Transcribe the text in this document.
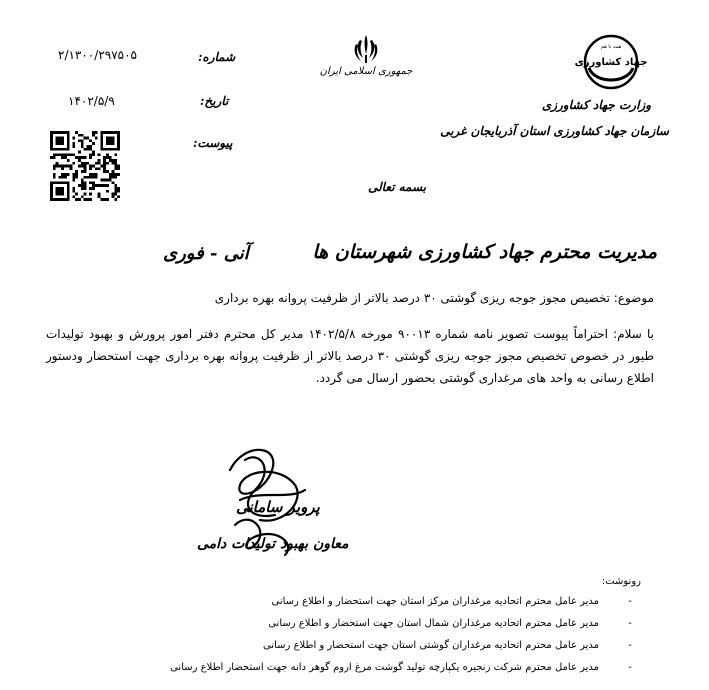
جمهوری اسلامی ایران
همه با هم
جهاد کشاورزی
وزارت جهاد کشاورزی
سازمان جهاد کشاورزی استان آذربایجان غربی
شماره:
۲/۱۳۰۰/۲۹۷۵۰۵
تاریخ:
۱۴۰۲/۵/۹
پیوست:
بسمه تعالی
مدیریت محترم جهاد کشاورزی شهرستان ها
آنی - فوری
موضوع: تخصیص مجوز جوجه ریزی گوشتی ۳۰ درصد بالاتر از ظرفیت پروانه بهره برداری
با سلام: احتراماً پیوست تصویر نامه شماره ۹۰۰۱۳ مورخه ۱۴۰۲/۵/۸ مدیر کل محترم دفتر امور پرورش و بهبود تولیدات طیور در خصوص تخصیص مجوز جوجه ریزی گوشتی ۳۰ درصد بالاتر از ظرفیت پروانه بهره برداری جهت استحضار ودستور اطلاع رسانی به واحد های مرغداری گوشتی بحضور ارسال می گردد.
پرویز سامانی
معاون بهبود تولیدات دامی
رونوشت:
-
مدیر عامل محترم اتحادیه مرغداران مرکز استان جهت استحضار و اطلاع رسانی
-
مدیر عامل محترم اتحادیه مرغداران شمال استان جهت استحضار و اطلاع رسانی
-
مدیر عامل محترم اتحادیه مرغداران گوشتی استان جهت استحضار و اطلاع رسانی
-
مدیر عامل محترم شرکت زنجیره یکپارچه تولید گوشت مرغ اروم گوهر دانه جهت استحضار اطلاع رسانی
